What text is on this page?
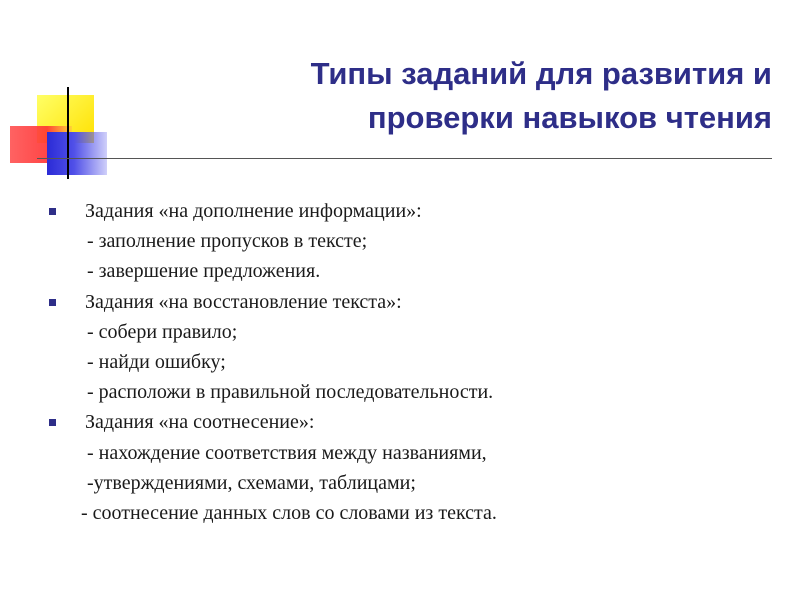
Типы заданий для развития и
проверки навыков чтения
Задания «на дополнение информации»:
- заполнение пропусков в тексте;
- завершение предложения.
Задания «на восстановление текста»:
- собери правило;
- найди ошибку;
- расположи в правильной последовательности.
Задания «на соотнесение»:
- нахождение соответствия между названиями,
-утверждениями, схемами, таблицами;
- соотнесение данных слов со словами из текста.
